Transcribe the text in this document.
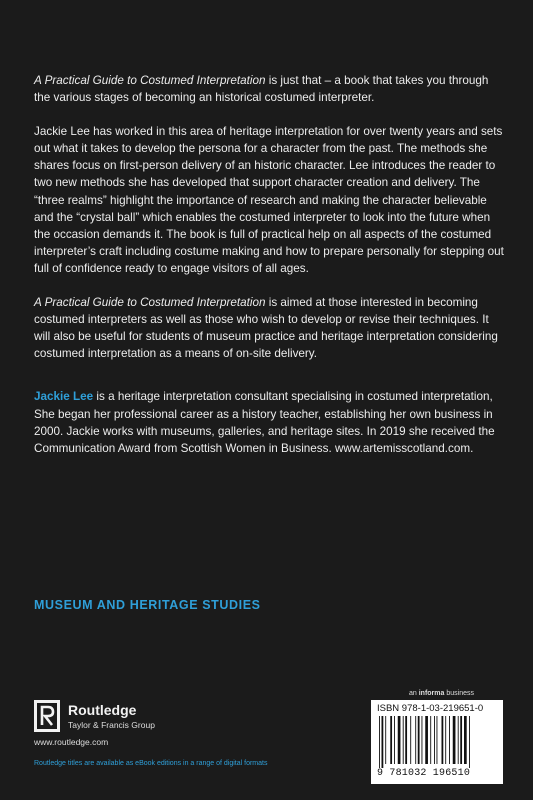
A Practical Guide to Costumed Interpretation is just that – a book that takes you through the various stages of becoming an historical costumed interpreter.

Jackie Lee has worked in this area of heritage interpretation for over twenty years and sets out what it takes to develop the persona for a character from the past. The methods she shares focus on first-person delivery of an historic character. Lee introduces the reader to two new methods she has developed that support character creation and delivery. The “three realms” highlight the importance of research and making the character believable and the “crystal ball” which enables the costumed interpreter to look into the future when the occasion demands it. The book is full of practical help on all aspects of the costumed interpreter’s craft including costume making and how to prepare personally for stepping out full of confidence ready to engage visitors of all ages.

A Practical Guide to Costumed Interpretation is aimed at those interested in becoming costumed interpreters as well as those who wish to develop or revise their techniques. It will also be useful for students of museum practice and heritage interpretation considering costumed interpretation as a means of on-site delivery.

Jackie Lee is a heritage interpretation consultant specialising in costumed interpretation, She began her professional career as a history teacher, establishing her own business in 2000. Jackie works with museums, galleries, and heritage sites. In 2019 she received the Communication Award from Scottish Women in Business. www.artemisscotland.com.

MUSEUM AND HERITAGE STUDIES
an informa business
Routledge
Taylor & Francis Group
www.routledge.com
Routledge titles are available as eBook editions in a range of digital formats
ISBN 978-1-03-219651-0
9 781032 196510
